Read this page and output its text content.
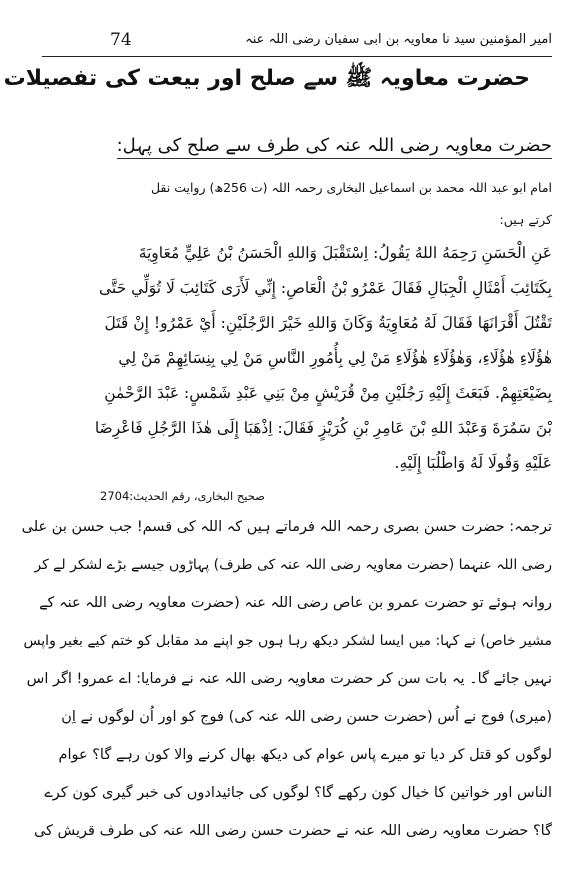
74	امیر المؤمنین سید نا معاویہ بن ابی سفیان رضی اللہ عنہ
حضرت معاویہ ﷺ سے صلح اور بیعت کی تفصیلات
حضرت معاویہ رضی اللہ عنہ کی طرف سے صلح کی پہل:
امام ابو عبد اللہ محمد بن اسماعیل البخاری رحمہ اللہ (ت 256ھ) روایت نقل
کرتے ہیں:
عَنِ الْحَسَنِ رَحِمَهُ اللهُ يَقُولُ: اِسْتَقْبَلَ وَاللهِ الْحَسَنُ بْنُ عَلِيٍّ مُعَاوِيَةَ
بِكَتَائِبَ أَمْثَالِ الْجِبَالِ فَقَالَ عَمْرُو بْنُ الْعَاصِ: إِنِّي لَأَرَى كَتَائِبَ لَا تُوَلِّي حَتَّى
تَقْتُلَ أَقْرَانَهَا فَقَالَ لَهُ مُعَاوِيَةُ وَكَانَ وَاللهِ خَيْرَ الرَّجُلَيْنِ: أَيْ عَمْرُو! إِنْ قَتَلَ
هٰؤُلَاءِ هٰؤُلَاءِ، وَهٰؤُلَاءِ هٰؤُلَاءِ مَنْ لِي بِأُمُورِ النَّاسِ مَنْ لِي بِنِسَائِهِمْ مَنْ لِي
بِضَيْعَتِهِمْ. فَبَعَثَ إِلَيْهِ رَجُلَيْنِ مِنْ قُرَيْشٍ مِنْ بَنِي عَبْدِ شَمْسٍ: عَبْدَ الرَّحْمٰنِ
بْنَ سَمُرَةَ وَعَبْدَ اللهِ بْنَ عَامِرِ بْنِ كُرَيْزٍ فَقَالَ: اِذْهَبَا إِلَى هٰذَا الرَّجُلِ فَاعْرِضَا
عَلَيْهِ وَقُولَا لَهُ وَاطْلُبَا إِلَيْهِ.
صحیح البخاری، رقم الحدیث:2704
ترجمہ: حضرت حسن بصری رحمہ اللہ فرماتے ہیں کہ اللہ کی قسم! جب حسن بن علی
رضی اللہ عنہما (حضرت معاویہ رضی اللہ عنہ کی طرف) پہاڑوں جیسے بڑے لشکر لے کر
روانہ ہوئے تو حضرت عمرو بن عاص رضی اللہ عنہ (حضرت معاویہ رضی اللہ عنہ کے
مشیر خاص) نے کہا: میں ایسا لشکر دیکھ رہا ہوں جو اپنے مد مقابل کو ختم کیے بغیر واپس
نہیں جائے گا۔ یہ بات سن کر حضرت معاویہ رضی اللہ عنہ نے فرمایا: اے عمرو! اگر اس
(میری) فوج نے اُس (حضرت حسن رضی اللہ عنہ کی) فوج کو اور اُن لوگوں نے اِن
لوگوں کو قتل کر دیا تو میرے پاس عوام کی دیکھ بھال کرنے والا کون رہے گا؟ عوام
الناس اور خواتین کا خیال کون رکھے گا؟ لوگوں کی جائیدادوں کی خبر گیری کون کرے
گا؟ حضرت معاویہ رضی اللہ عنہ نے حضرت حسن رضی اللہ عنہ کی طرف قریش کی
